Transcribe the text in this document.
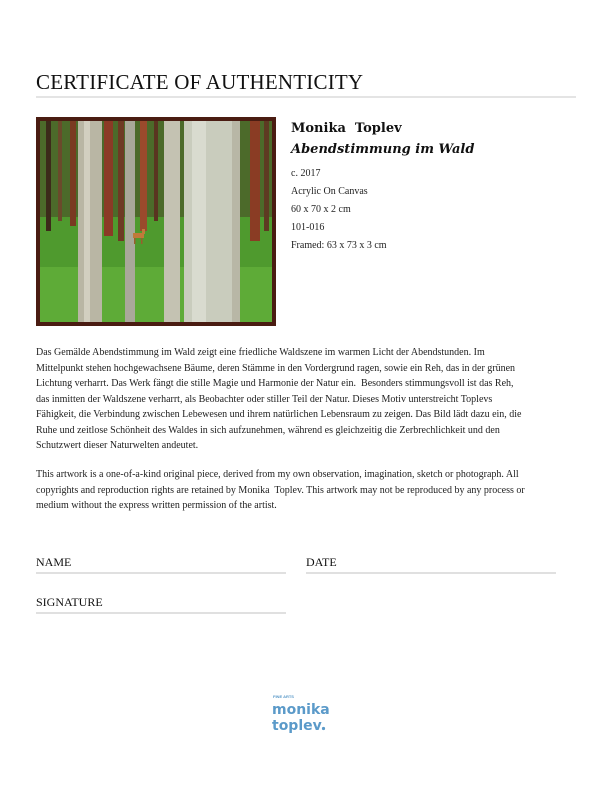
CERTIFICATE OF AUTHENTICITY
Monika  Toplev
Abendstimmung im Wald
c. 2017
Acrylic On Canvas
60 x 70 x 2 cm
101-016
Framed: 63 x 73 x 3 cm

Das Gemälde Abendstimmung im Wald zeigt eine friedliche Waldszene im warmen Licht der Abendstunden. Im
Mittelpunkt stehen hochgewachsene Bäume, deren Stämme in den Vordergrund ragen, sowie ein Reh, das in der grünen
Lichtung verharrt. Das Werk fängt die stille Magie und Harmonie der Natur ein.  Besonders stimmungsvoll ist das Reh,
das inmitten der Waldszene verharrt, als Beobachter oder stiller Teil der Natur. Dieses Motiv unterstreicht Toplevs
Fähigkeit, die Verbindung zwischen Lebewesen und ihrem natürlichen Lebensraum zu zeigen. Das Bild lädt dazu ein, die
Ruhe und zeitlose Schönheit des Waldes in sich aufzunehmen, während es gleichzeitig die Zerbrechlichkeit und den
Schutzwert dieser Naturwelten andeutet.

This artwork is a one-of-a-kind original piece, derived from my own observation, imagination, sketch or photograph. All
copyrights and reproduction rights are retained by Monika  Toplev. This artwork may not be reproduced by any process or
medium without the express written permission of the artist.

NAME	DATE
SIGNATURE
FINE ARTS
monika
toplev
